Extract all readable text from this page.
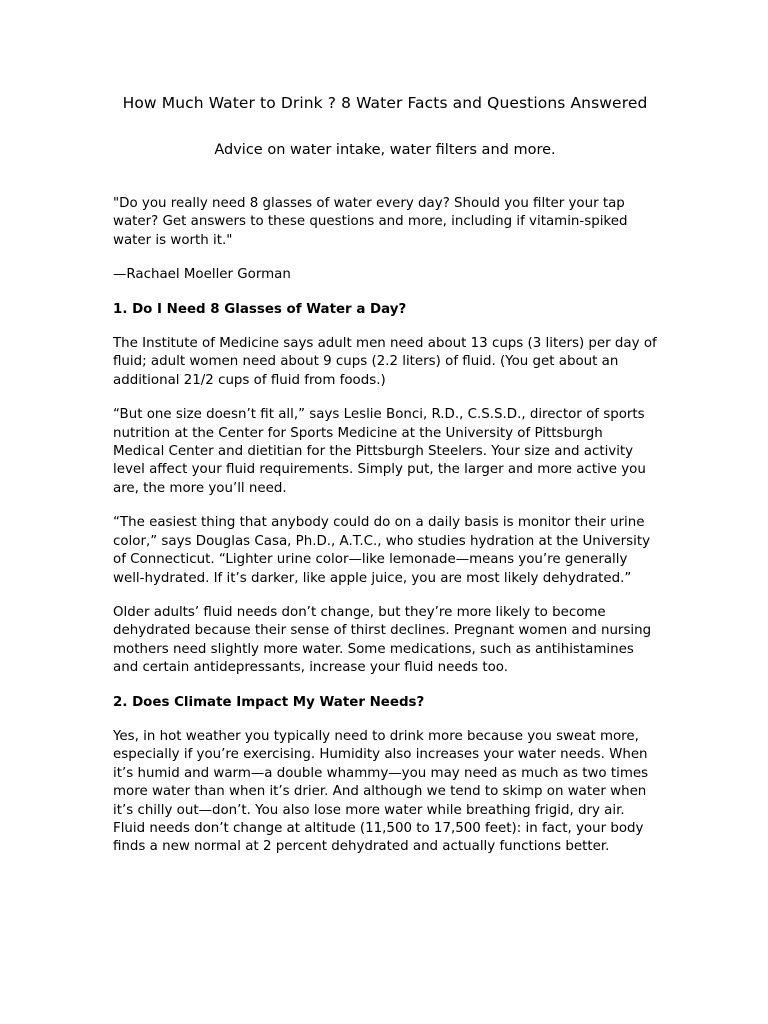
How Much Water to Drink ? 8 Water Facts and Questions Answered
Advice on water intake, water filters and more.

"Do you really need 8 glasses of water every day? Should you filter your tap water? Get answers to these questions and more, including if vitamin-spiked water is worth it."

—Rachael Moeller Gorman

1. Do I Need 8 Glasses of Water a Day?

The Institute of Medicine says adult men need about 13 cups (3 liters) per day of fluid; adult women need about 9 cups (2.2 liters) of fluid. (You get about an additional 21/2 cups of fluid from foods.)

“But one size doesn’t fit all,” says Leslie Bonci, R.D., C.S.S.D., director of sports nutrition at the Center for Sports Medicine at the University of Pittsburgh Medical Center and dietitian for the Pittsburgh Steelers. Your size and activity level affect your fluid requirements. Simply put, the larger and more active you are, the more you’ll need.

“The easiest thing that anybody could do on a daily basis is monitor their urine color,” says Douglas Casa, Ph.D., A.T.C., who studies hydration at the University of Connecticut. “Lighter urine color—like lemonade—means you’re generally well-hydrated. If it’s darker, like apple juice, you are most likely dehydrated.”

Older adults’ fluid needs don’t change, but they’re more likely to become dehydrated because their sense of thirst declines. Pregnant women and nursing mothers need slightly more water. Some medications, such as antihistamines and certain antidepressants, increase your fluid needs too.

2. Does Climate Impact My Water Needs?

Yes, in hot weather you typically need to drink more because you sweat more, especially if you’re exercising. Humidity also increases your water needs. When it’s humid and warm—a double whammy—you may need as much as two times more water than when it’s drier. And although we tend to skimp on water when it’s chilly out—don’t. You also lose more water while breathing frigid, dry air. Fluid needs don’t change at altitude (11,500 to 17,500 feet): in fact, your body finds a new normal at 2 percent dehydrated and actually functions better.
